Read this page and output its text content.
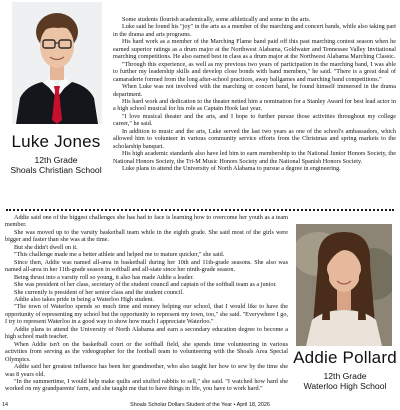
Luke Jones
12th Grade
Shoals Christian School

Some students flourish academically, some athletically and some in the arts.

Luke said he found his "joy" in the arts as a member of the marching and concert bands, while also taking part in the drama and arts programs.

His hard work as a member of the Marching Flame band paid off this past marching contest season when he earned superior ratings as a drum major at the Northwest Alabama, Goldwater and Tennessee Valley Invitational marching competitions. He also earned best in class as a drum major at the Northwest Alabama Marching Classic.

"Through this experience, as well as my previous two years of participation in the marching band, I was able to further my leadership skills and develop close bonds with band members," he said. "There is a great deal of camaraderie formed from the long after-school practices, away ballgames and marching band competitions."

When Luke was not involved with the marching or concert band, he found himself immersed in the drama department.

His hard work and dedication to the theater netted him a nomination for a Stanley Award for best lead actor in a high school musical for his role as Captain Hook last year.

"I love musical theater and the arts, and I hope to further pursue those activities throughout my college career," he said.

In addition to music and the arts, Luke served the last two years as one of the school's ambassadors, which allowed him to volunteer in various community service efforts from the Christmas and spring markets to the scholarship banquet.

His high academic standards also have led him to earn membership to the National Junior Honors Society, the National Honors Society, the Tri-M Music Honors Society and the National Spanish Honors Society.

Luke plans to attend the University of North Alabama to pursue a degree in engineering.

Addie said one of the biggest challenges she has had to face is learning how to overcome her youth as a team member.

She was moved up to the varsity basketball team while in the eighth grade. She said most of the girls were bigger and faster than she was at the time.

But she didn't dwell on it.

"This challenge made me a better athlete and helped me to mature quicker," she said.

Since then, Addie was named all-area in basketball during her 10th and 11th-grade seasons. She also was named all-area in her 11th-grade season in softball and all-state since her ninth-grade season.

Being thrust into a varsity roll so young, it also has made Addie a leader.

She was president of her class, secretary of the student council and captain of the softball team as a junior.

She currently is president of her senior class and the student council.

Addie also takes pride in being a Waterloo High student.

"The town of Waterloo spends so much time and money helping our school, that I would like to have the opportunity of representing my school but the opportunity to represent my town, too," she said. "Everywhere I go, I try to represent Waterloo in a good way to show how much I appreciate Waterloo."

Addie plans to attend the University of North Alabama and earn a secondary education degree to become a high school math teacher.

When Addie isn't on the basketball court or the softball field, she spends time volunteering in various activities from serving as the videographer for the football team to volunteering with the Shoals Area Special Olympics.

Addie said her greatest influence has been her grandmother, who also taught her how to sew by the time she was 8 years old.

"In the summertime, I would help make quilts and stuffed rabbits to sell," she said. "I watched how hard she worked on my grandparents' farm, and she taught me that to have things in life, you have to work hard."

Addie Pollard
12th Grade
Waterloo High School
14	Shoals Scholar Dollars Student of the Year • April 18, 2026
